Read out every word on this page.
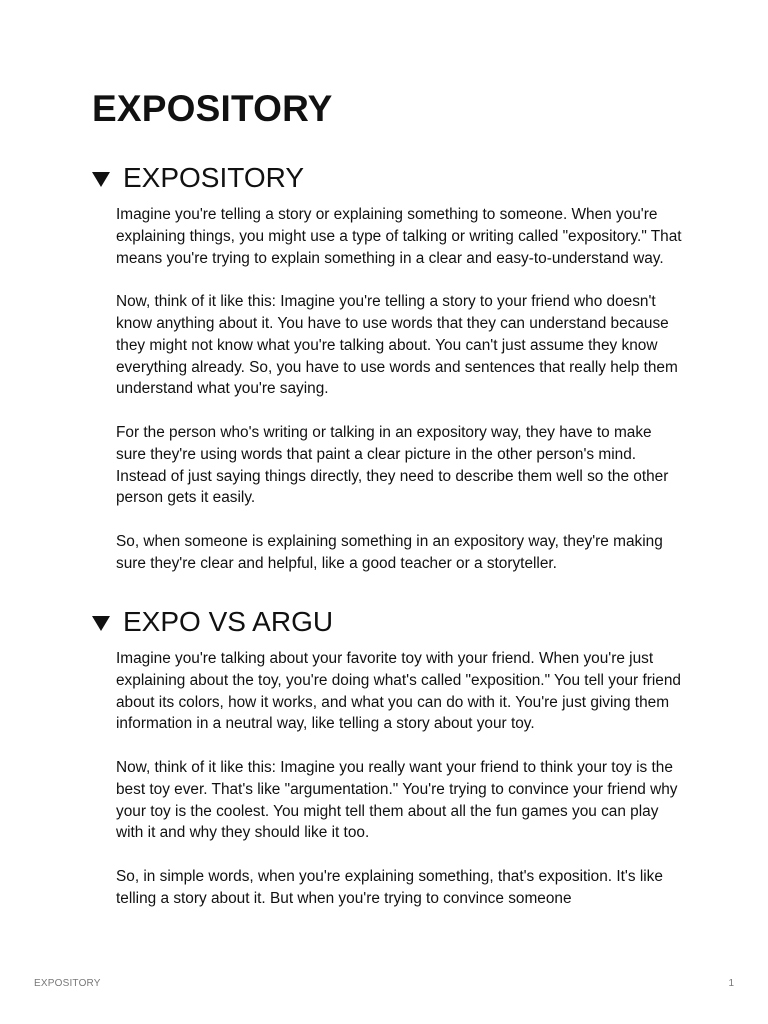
EXPOSITORY
EXPOSITORY

Imagine you're telling a story or explaining something to someone. When you're explaining things, you might use a type of talking or writing called "expository." That means you're trying to explain something in a clear and easy-to-understand way.

Now, think of it like this: Imagine you're telling a story to your friend who doesn't know anything about it. You have to use words that they can understand because they might not know what you're talking about. You can't just assume they know everything already. So, you have to use words and sentences that really help them understand what you're saying.

For the person who's writing or talking in an expository way, they have to make sure they're using words that paint a clear picture in the other person's mind. Instead of just saying things directly, they need to describe them well so the other person gets it easily.

So, when someone is explaining something in an expository way, they're making sure they're clear and helpful, like a good teacher or a storyteller.

EXPO VS ARGU

Imagine you're talking about your favorite toy with your friend. When you're just explaining about the toy, you're doing what's called "exposition." You tell your friend about its colors, how it works, and what you can do with it. You're just giving them information in a neutral way, like telling a story about your toy.

Now, think of it like this: Imagine you really want your friend to think your toy is the best toy ever. That's like "argumentation." You're trying to convince your friend why your toy is the coolest. You might tell them about all the fun games you can play with it and why they should like it too.

So, in simple words, when you're explaining something, that's exposition. It's like telling a story about it. But when you're trying to convince someone

EXPOSITORY	1
